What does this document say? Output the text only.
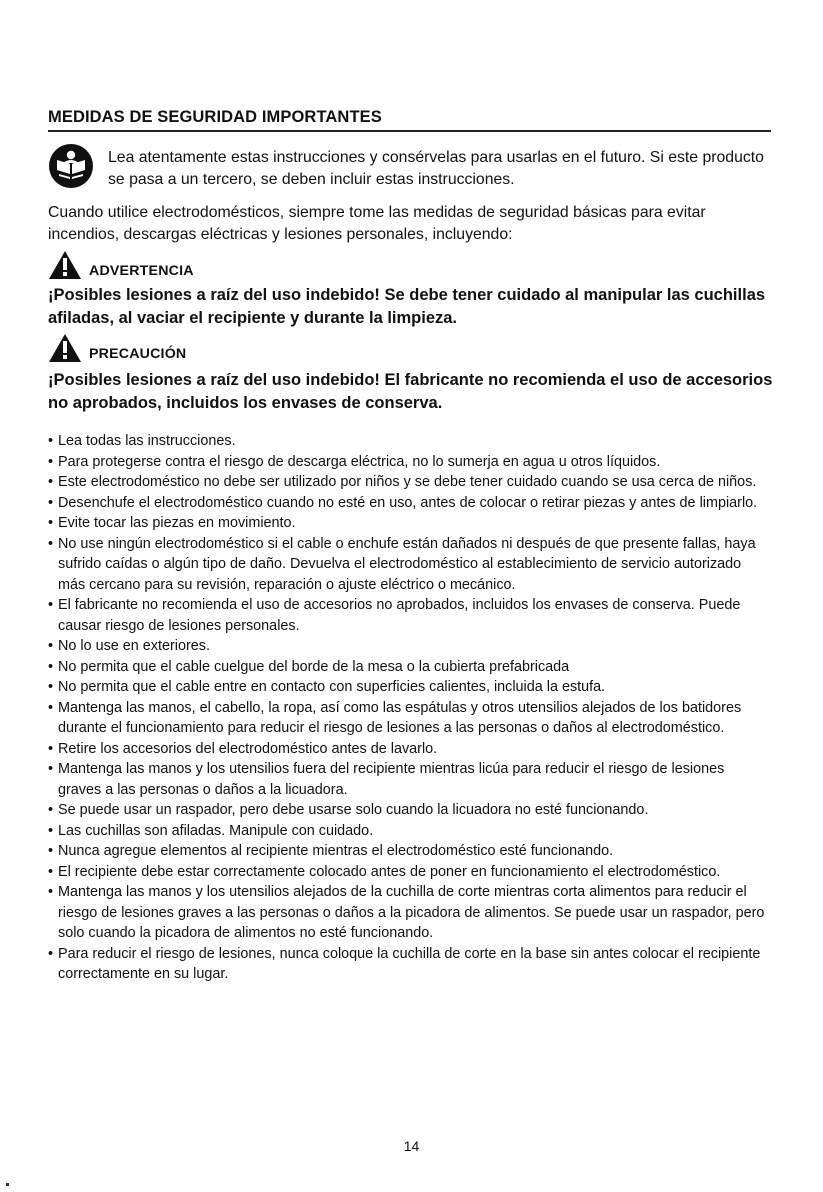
MEDIDAS DE SEGURIDAD IMPORTANTES
Lea atentamente estas instrucciones y consérvelas para usarlas en el futuro. Si este producto se pasa a un tercero, se deben incluir estas instrucciones.
Cuando utilice electrodomésticos, siempre tome las medidas de seguridad básicas para evitar incendios, descargas eléctricas y lesiones personales, incluyendo:
ADVERTENCIA
¡Posibles lesiones a raíz del uso indebido! Se debe tener cuidado al manipular las cuchillas afiladas, al vaciar el recipiente y durante la limpieza.
PRECAUCIÓN
¡Posibles lesiones a raíz del uso indebido! El fabricante no recomienda el uso de accesorios no aprobados, incluidos los envases de conserva.
• Lea todas las instrucciones.
• Para protegerse contra el riesgo de descarga eléctrica, no lo sumerja en agua u otros líquidos.
• Este electrodoméstico no debe ser utilizado por niños y se debe tener cuidado cuando se usa cerca de niños.
• Desenchufe el electrodoméstico cuando no esté en uso, antes de colocar o retirar piezas y antes de limpiarlo.
• Evite tocar las piezas en movimiento.
• No use ningún electrodoméstico si el cable o enchufe están dañados ni después de que presente fallas, haya sufrido caídas o algún tipo de daño. Devuelva el electrodoméstico al establecimiento de servicio autorizado más cercano para su revisión, reparación o ajuste eléctrico o mecánico.
• El fabricante no recomienda el uso de accesorios no aprobados, incluidos los envases de conserva. Puede causar riesgo de lesiones personales.
• No lo use en exteriores.
• No permita que el cable cuelgue del borde de la mesa o la cubierta prefabricada
• No permita que el cable entre en contacto con superficies calientes, incluida la estufa.
• Mantenga las manos, el cabello, la ropa, así como las espátulas y otros utensilios alejados de los batidores durante el funcionamiento para reducir el riesgo de lesiones a las personas o daños al electrodoméstico.
• Retire los accesorios del electrodoméstico antes de lavarlo.
• Mantenga las manos y los utensilios fuera del recipiente mientras licúa para reducir el riesgo de lesiones graves a las personas o daños a la licuadora.
• Se puede usar un raspador, pero debe usarse solo cuando la licuadora no esté funcionando.
• Las cuchillas son afiladas. Manipule con cuidado.
• Nunca agregue elementos al recipiente mientras el electrodoméstico esté funcionando.
• El recipiente debe estar correctamente colocado antes de poner en funcionamiento el electrodoméstico.
• Mantenga las manos y los utensilios alejados de la cuchilla de corte mientras corta alimentos para reducir el riesgo de lesiones graves a las personas o daños a la picadora de alimentos. Se puede usar un raspador, pero solo cuando la picadora de alimentos no esté funcionando.
• Para reducir el riesgo de lesiones, nunca coloque la cuchilla de corte en la base sin antes colocar el recipiente correctamente en su lugar.
14
